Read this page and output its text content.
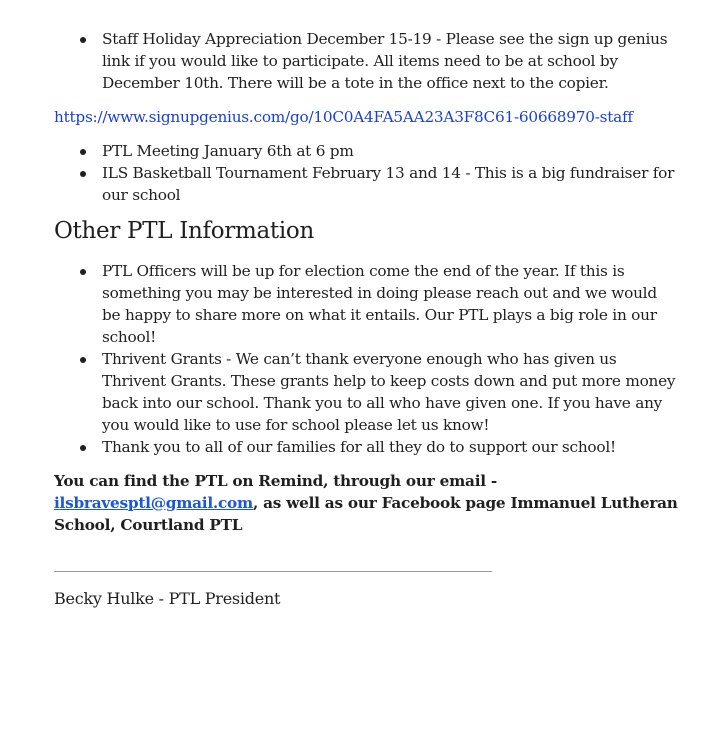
Staff Holiday Appreciation December 15-19 - Please see the sign up genius link if you would like to participate. All items need to be at school by December 10th. There will be a tote in the office next to the copier.
https://www.signupgenius.com/go/10C0A4FA5AA23A3F8C61-60668970-staff
PTL Meeting January 6th at 6 pm
ILS Basketball Tournament February 13 and 14 - This is a big fundraiser for our school
Other PTL Information
PTL Officers will be up for election come the end of the year. If this is something you may be interested in doing please reach out and we would be happy to share more on what it entails. Our PTL plays a big role in our school!
Thrivent Grants - We can’t thank everyone enough who has given us Thrivent Grants. These grants help to keep costs down and put more money back into our school. Thank you to all who have given one. If you have any you would like to use for school please let us know!
Thank you to all of our families for all they do to support our school!

You can find the PTL on Remind, through our email - ilsbravesptl@gmail.com, as well as our Facebook page Immanuel Lutheran School, Courtland PTL

____________________________________________________________
Becky Hulke - PTL President
